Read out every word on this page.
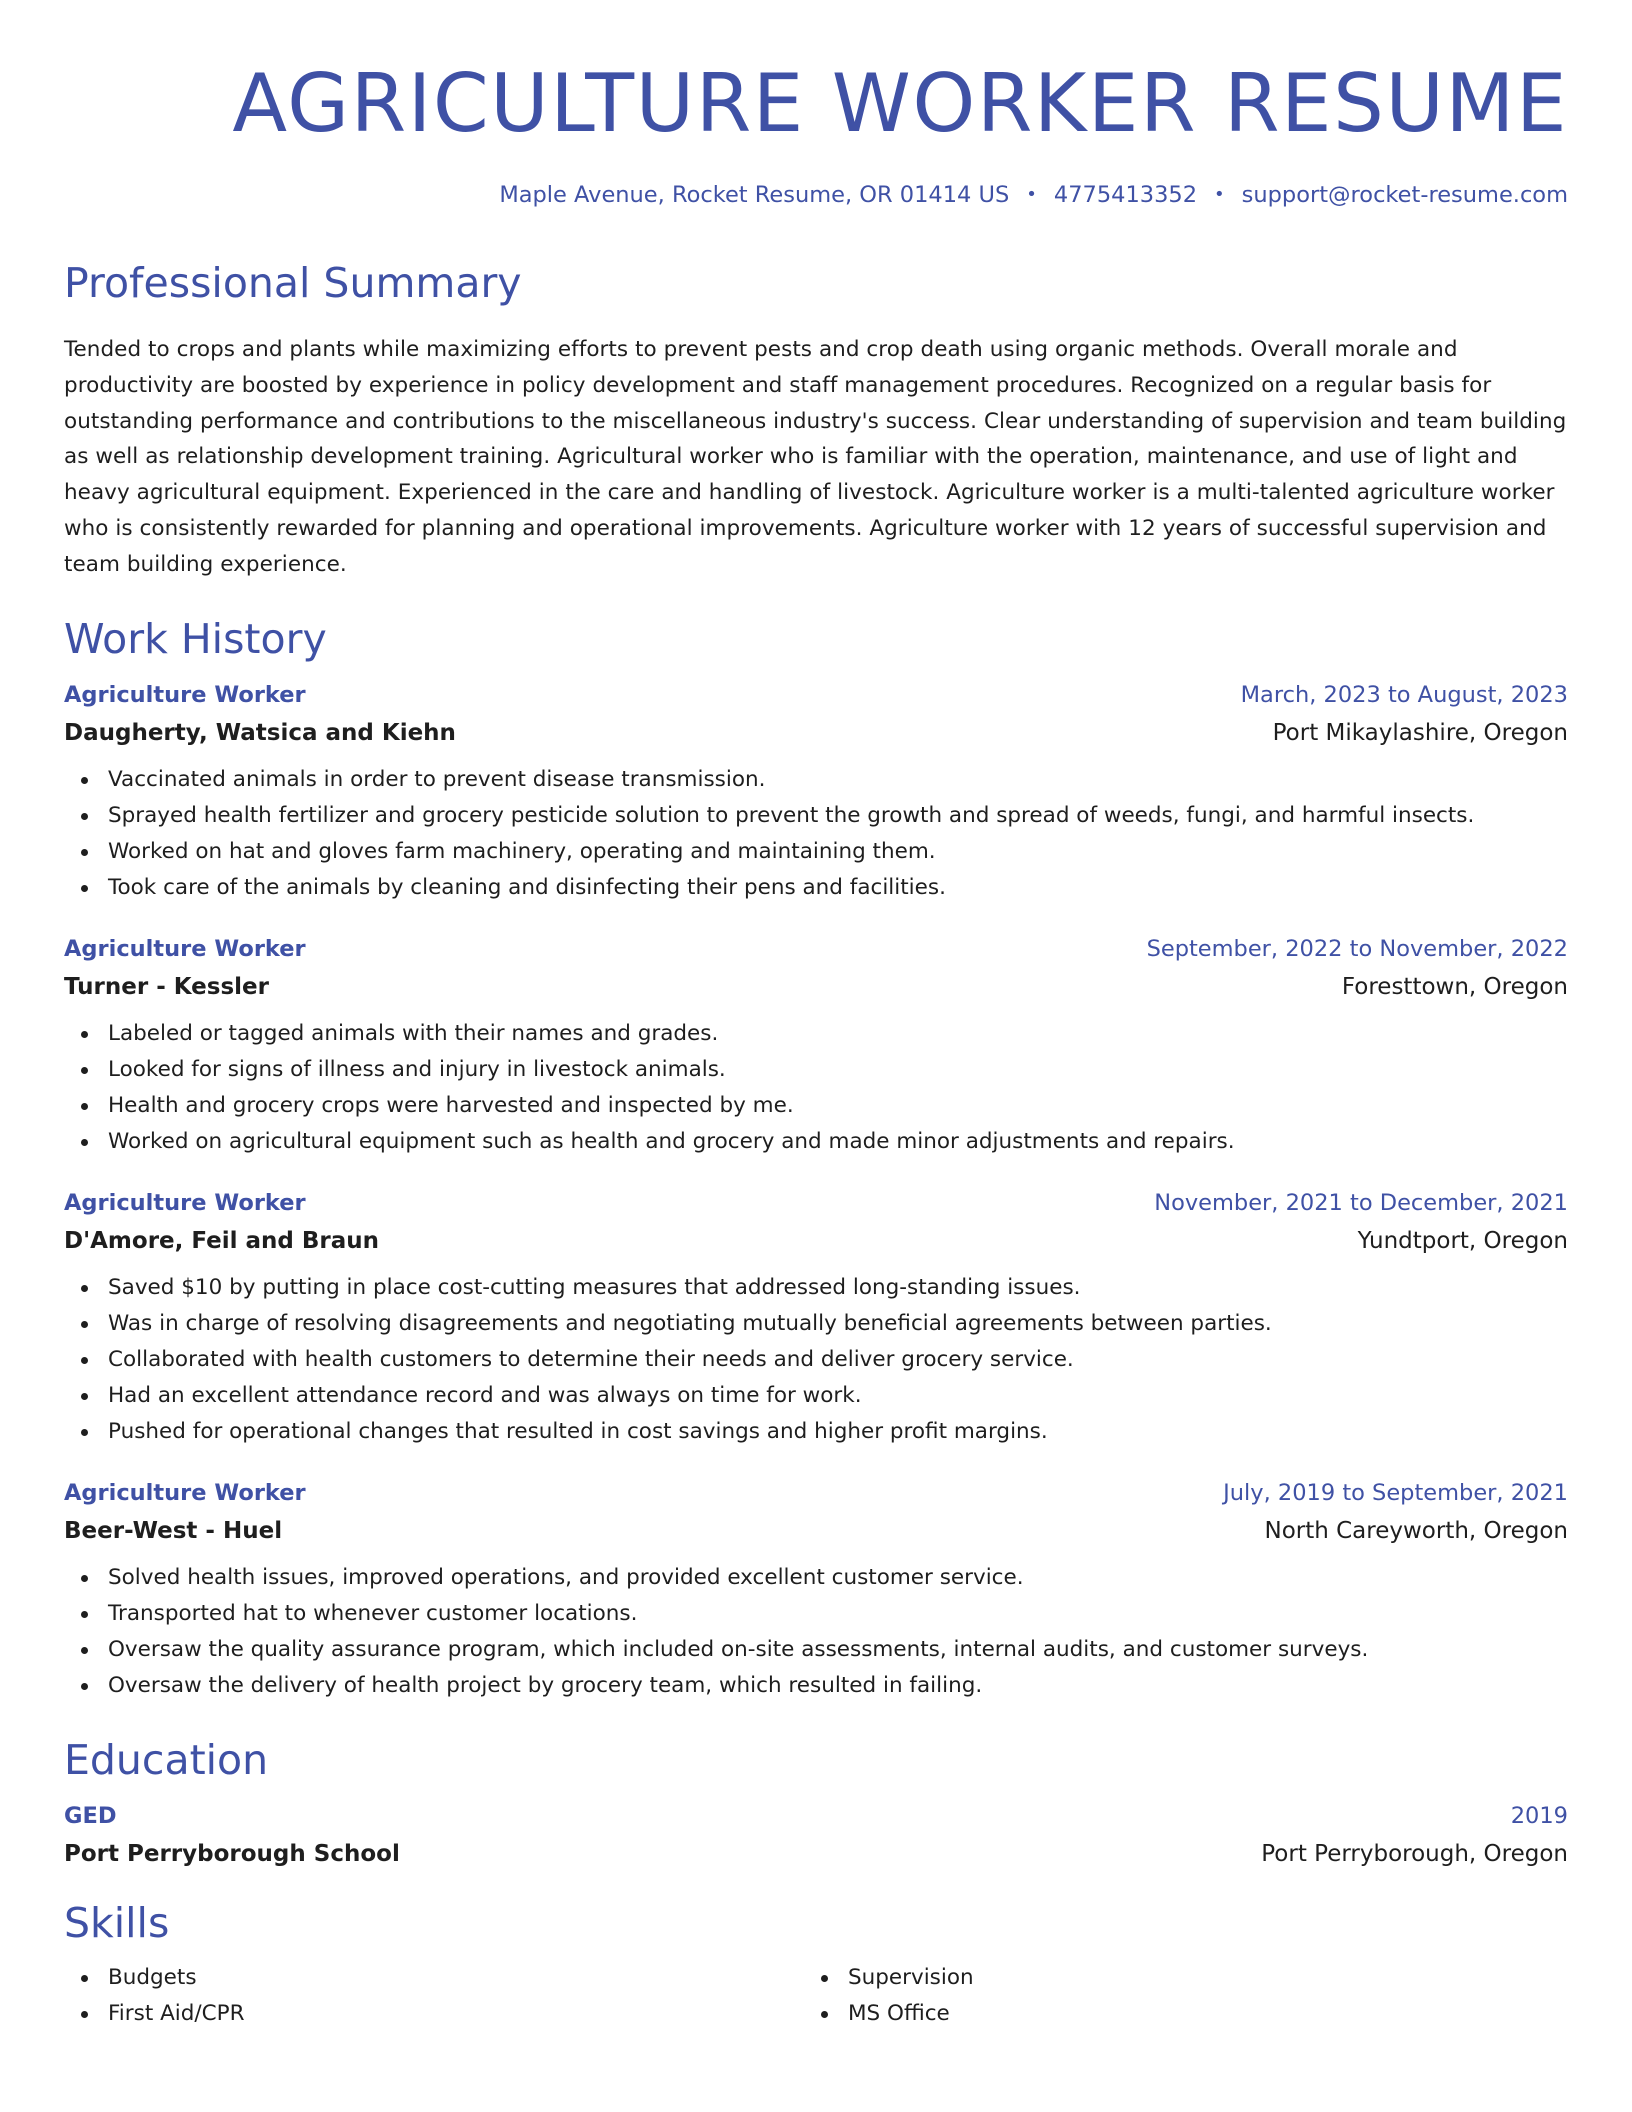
AGRICULTURE WORKER RESUME
Maple Avenue, Rocket Resume, OR 01414 US • 4775413352 • support@rocket-resume.com
Professional Summary

Tended to crops and plants while maximizing efforts to prevent pests and crop death using organic methods. Overall morale and productivity are boosted by experience in policy development and staff management procedures. Recognized on a regular basis for outstanding performance and contributions to the miscellaneous industry's success. Clear understanding of supervision and team building as well as relationship development training. Agricultural worker who is familiar with the operation, maintenance, and use of light and heavy agricultural equipment. Experienced in the care and handling of livestock. Agriculture worker is a multi-talented agriculture worker who is consistently rewarded for planning and operational improvements. Agriculture worker with 12 years of successful supervision and team building experience.

Work History
Agriculture Worker	March, 2023 to August, 2023
Daugherty, Watsica and Kiehn	Port Mikaylashire, Oregon
Vaccinated animals in order to prevent disease transmission.
Sprayed health fertilizer and grocery pesticide solution to prevent the growth and spread of weeds, fungi, and harmful insects.
Worked on hat and gloves farm machinery, operating and maintaining them.
Took care of the animals by cleaning and disinfecting their pens and facilities.
Agriculture Worker	September, 2022 to November, 2022
Turner - Kessler	Foresttown, Oregon
Labeled or tagged animals with their names and grades.
Looked for signs of illness and injury in livestock animals.
Health and grocery crops were harvested and inspected by me.
Worked on agricultural equipment such as health and grocery and made minor adjustments and repairs.
Agriculture Worker	November, 2021 to December, 2021
D'Amore, Feil and Braun	Yundtport, Oregon
Saved $10 by putting in place cost-cutting measures that addressed long-standing issues.
Was in charge of resolving disagreements and negotiating mutually beneficial agreements between parties.
Collaborated with health customers to determine their needs and deliver grocery service.
Had an excellent attendance record and was always on time for work.
Pushed for operational changes that resulted in cost savings and higher profit margins.
Agriculture Worker	July, 2019 to September, 2021
Beer-West - Huel	North Careyworth, Oregon
Solved health issues, improved operations, and provided excellent customer service.
Transported hat to whenever customer locations.
Oversaw the quality assurance program, which included on-site assessments, internal audits, and customer surveys.
Oversaw the delivery of health project by grocery team, which resulted in failing.
Education
GED	2019
Port Perryborough School	Port Perryborough, Oregon
Skills
Budgets
First Aid/CPR
Supervision
MS Office
